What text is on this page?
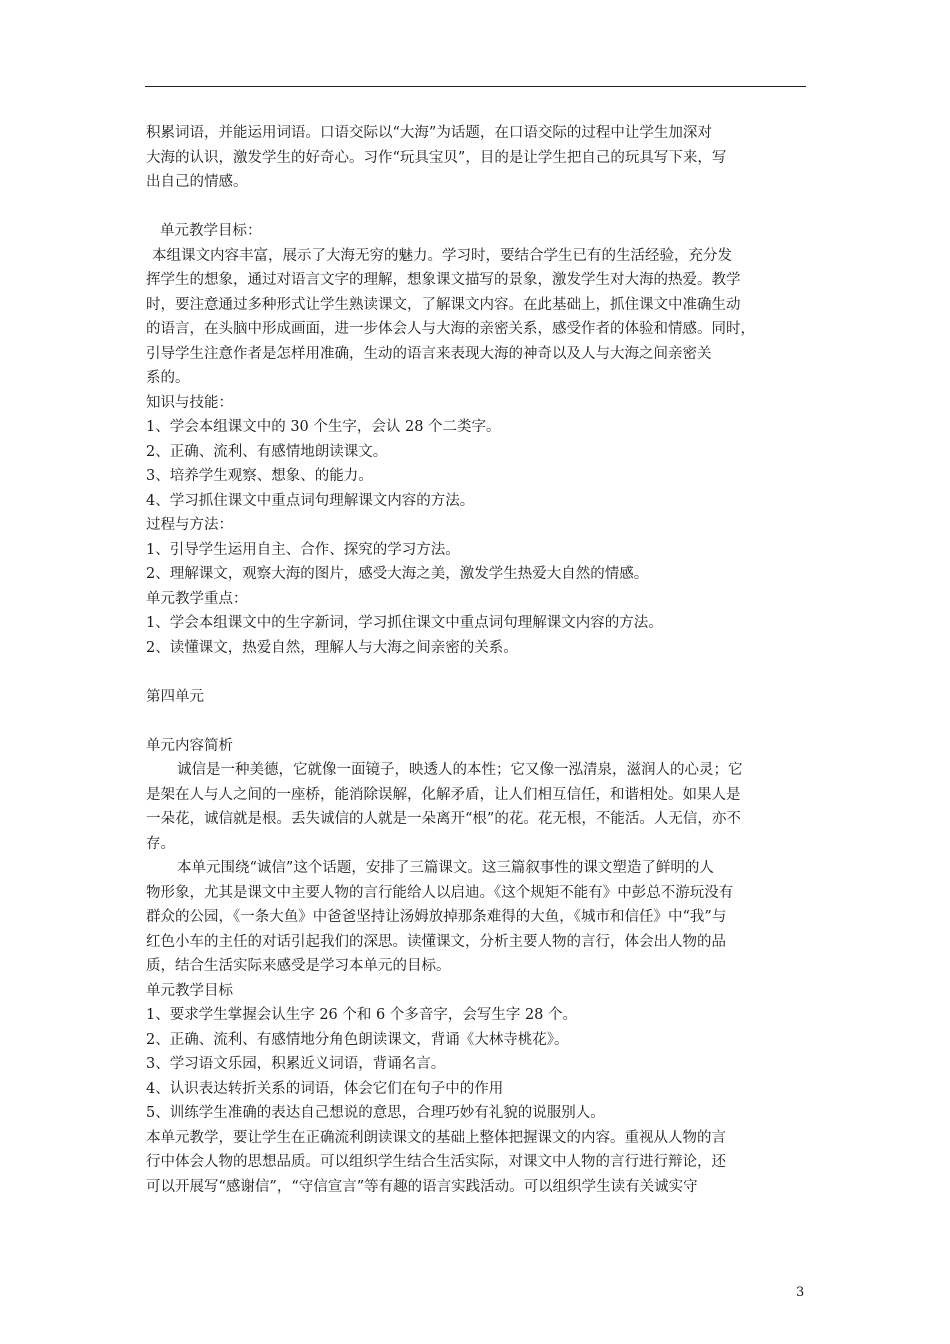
积累词语，并能运用词语。口语交际以“大海”为话题，在口语交际的过程中让学生加深对

大海的认识，激发学生的好奇心。习作“玩具宝贝”，目的是让学生把自己的玩具写下来，写

出自己的情感。

单元教学目标：

本组课文内容丰富，展示了大海无穷的魅力。学习时，要结合学生已有的生活经验，充分发

挥学生的想象，通过对语言文字的理解，想象课文描写的景象，激发学生对大海的热爱。教学

时，要注意通过多种形式让学生熟读课文，了解课文内容。在此基础上，抓住课文中准确生动

的语言，在头脑中形成画面，进一步体会人与大海的亲密关系，感受作者的体验和情感。同时，

引导学生注意作者是怎样用准确，生动的语言来表现大海的神奇以及人与大海之间亲密关

系的。

知识与技能：

1、学会本组课文中的 30 个生字，会认 28 个二类字。

2、正确、流利、有感情地朗读课文。

3、培养学生观察、想象、的能力。

4、学习抓住课文中重点词句理解课文内容的方法。

过程与方法：

1、引导学生运用自主、合作、探究的学习方法。

2、理解课文，观察大海的图片，感受大海之美，激发学生热爱大自然的情感。

单元教学重点：

1、学会本组课文中的生字新词，学习抓住课文中重点词句理解课文内容的方法。

2、读懂课文，热爱自然，理解人与大海之间亲密的关系。

第四单元

单元内容简析

诚信是一种美德，它就像一面镜子，映透人的本性；它又像一泓清泉，滋润人的心灵；它

是架在人与人之间的一座桥，能消除误解，化解矛盾，让人们相互信任，和谐相处。如果人是

一朵花，诚信就是根。丢失诚信的人就是一朵离开“根”的花。花无根，不能活。人无信，亦不

存。

本单元围绕“诚信”这个话题，安排了三篇课文。这三篇叙事性的课文塑造了鲜明的人

物形象，尤其是课文中主要人物的言行能给人以启迪。《这个规矩不能有》中彭总不游玩没有

群众的公园，《一条大鱼》中爸爸坚持让汤姆放掉那条难得的大鱼，《城市和信任》中“我”与

红色小车的主任的对话引起我们的深思。读懂课文，分析主要人物的言行，体会出人物的品

质，结合生活实际来感受是学习本单元的目标。

单元教学目标

1、要求学生掌握会认生字 26 个和 6 个多音字，会写生字 28 个。

2、正确、流利、有感情地分角色朗读课文，背诵《大林寺桃花》。

3、学习语文乐园，积累近义词语，背诵名言。

4、认识表达转折关系的词语，体会它们在句子中的作用

5、训练学生准确的表达自己想说的意思，合理巧妙有礼貌的说服别人。

本单元教学，要让学生在正确流利朗读课文的基础上整体把握课文的内容。重视从人物的言

行中体会人物的思想品质。可以组织学生结合生活实际，对课文中人物的言行进行辩论，还

可以开展写“感谢信”，“守信宣言”等有趣的语言实践活动。可以组织学生读有关诚实守

3
